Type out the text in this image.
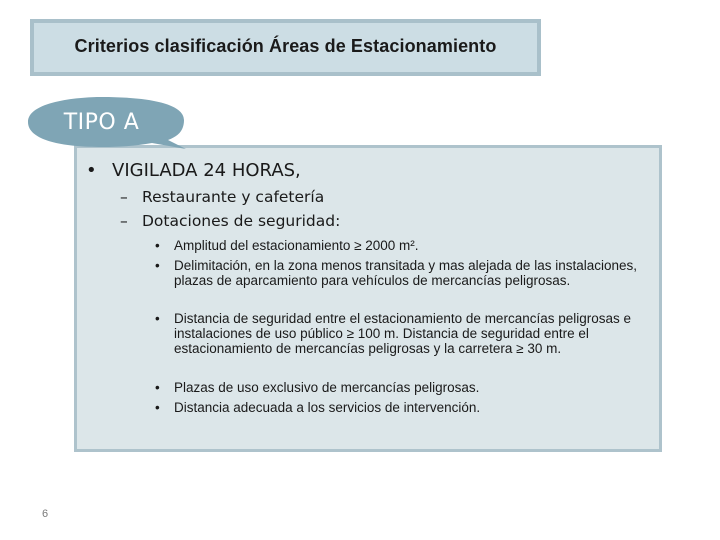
Criterios clasificación Áreas de Estacionamiento
TIPO A
• VIGILADA 24 HORAS,
– Restaurante y cafetería
– Dotaciones de seguridad:
• Amplitud del estacionamiento ≥ 2000 m².
• Delimitación, en la zona menos transitada y mas alejada de las instalaciones, plazas de aparcamiento para vehículos de mercancías peligrosas.
• Distancia de seguridad entre el estacionamiento de mercancías peligrosas e instalaciones de uso público ≥ 100 m. Distancia de seguridad entre el estacionamiento de mercancías peligrosas y la carretera ≥ 30 m.
• Plazas de uso exclusivo de mercancías peligrosas.
• Distancia adecuada a los servicios de intervención.
6
